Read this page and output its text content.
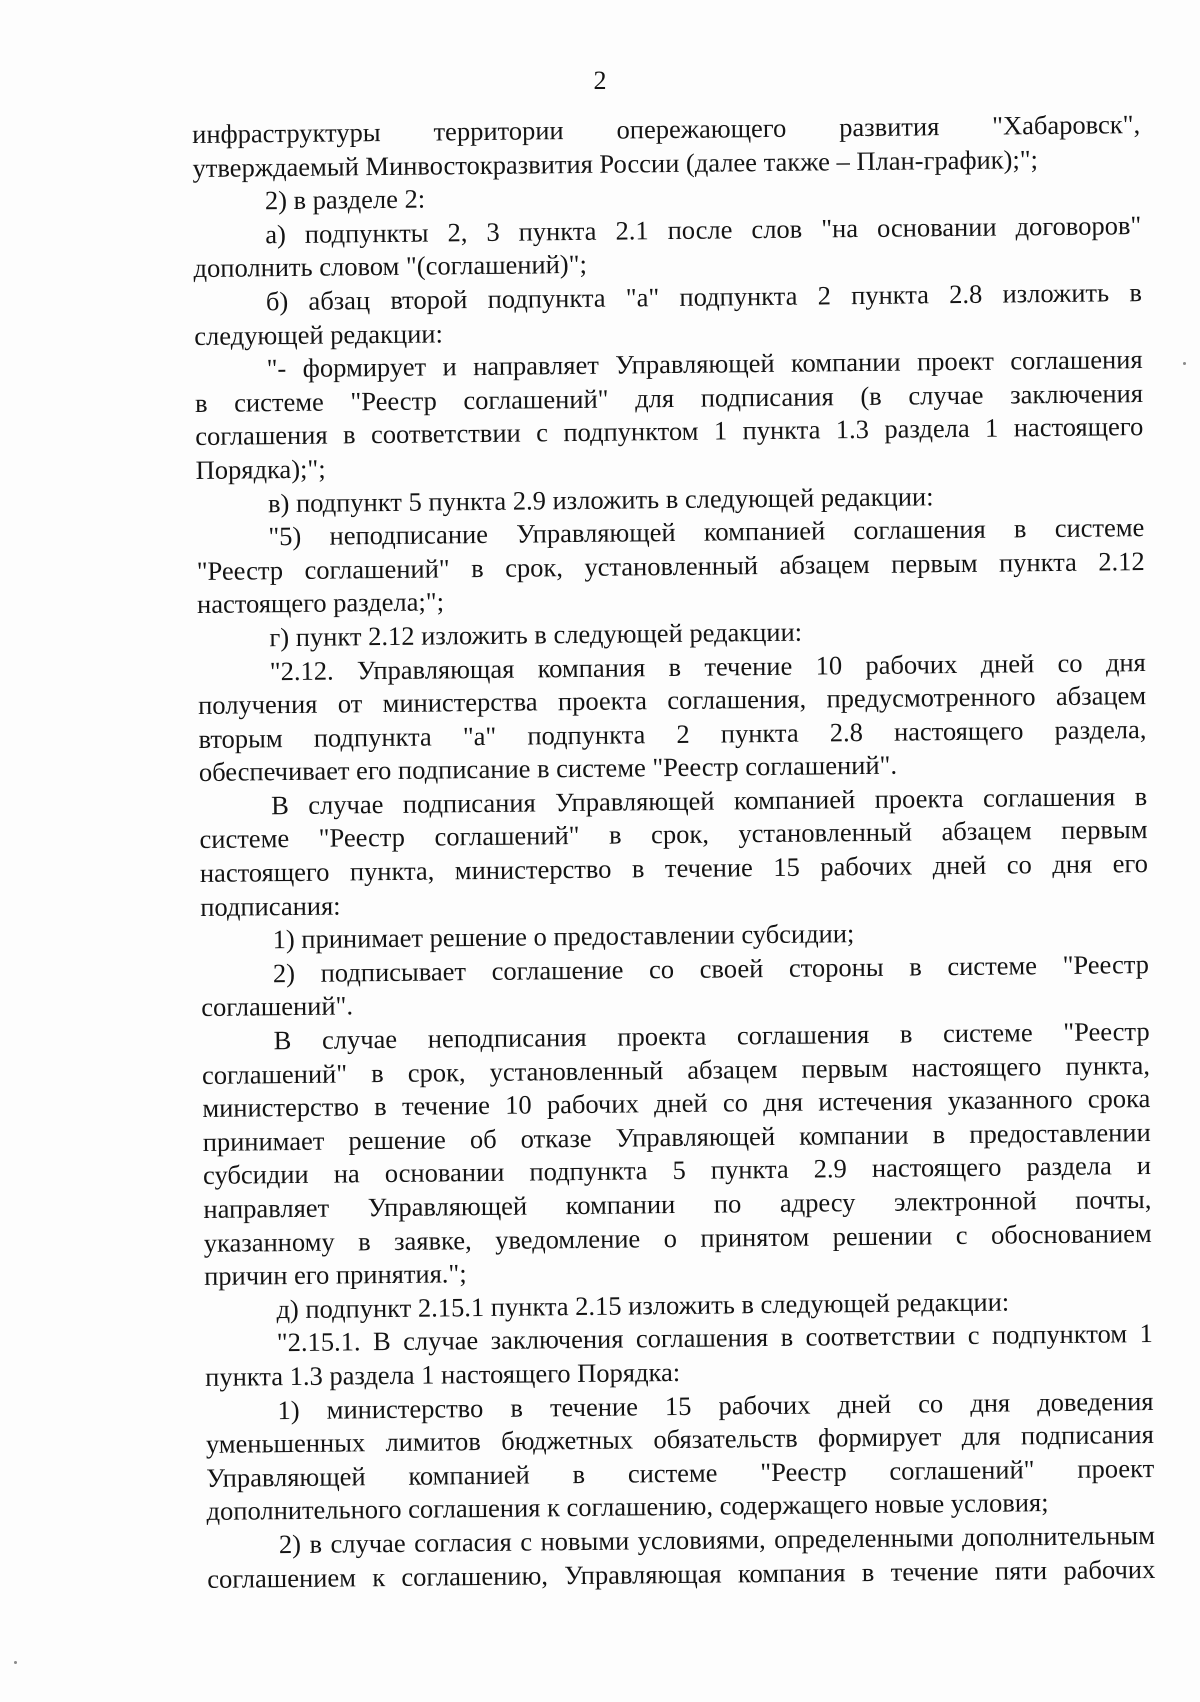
2
инфраструктуры территории опережающего развития "Хабаровск",
утверждаемый Минвостокразвития России (далее также – План-график);";
2) в разделе 2:
а) подпункты 2, 3 пункта 2.1 после слов "на основании договоров"
дополнить словом "(соглашений)";
б) абзац второй подпункта "а" подпункта 2 пункта 2.8 изложить в
следующей редакции:
"- формирует и направляет Управляющей компании проект соглашения
в системе "Реестр соглашений" для подписания (в случае заключения
соглашения в соответствии с подпунктом 1 пункта 1.3 раздела 1 настоящего
Порядка);";
в) подпункт 5 пункта 2.9 изложить в следующей редакции:
"5) неподписание Управляющей компанией соглашения в системе
"Реестр соглашений" в срок, установленный абзацем первым пункта 2.12
настоящего раздела;";
г) пункт 2.12 изложить в следующей редакции:
"2.12. Управляющая компания в течение 10 рабочих дней со дня
получения от министерства проекта соглашения, предусмотренного абзацем
вторым подпункта "а" подпункта 2 пункта 2.8 настоящего раздела,
обеспечивает его подписание в системе "Реестр соглашений".
В случае подписания Управляющей компанией проекта соглашения в
системе "Реестр соглашений" в срок, установленный абзацем первым
настоящего пункта, министерство в течение 15 рабочих дней со дня его
подписания:
1) принимает решение о предоставлении субсидии;
2) подписывает соглашение со своей стороны в системе "Реестр
соглашений".
В случае неподписания проекта соглашения в системе "Реестр
соглашений" в срок, установленный абзацем первым настоящего пункта,
министерство в течение 10 рабочих дней со дня истечения указанного срока
принимает решение об отказе Управляющей компании в предоставлении
субсидии на основании подпункта 5 пункта 2.9 настоящего раздела и
направляет Управляющей компании по адресу электронной почты,
указанному в заявке, уведомление о принятом решении с обоснованием
причин его принятия.";
д) подпункт 2.15.1 пункта 2.15 изложить в следующей редакции:
"2.15.1. В случае заключения соглашения в соответствии с подпунктом 1
пункта 1.3 раздела 1 настоящего Порядка:
1) министерство в течение 15 рабочих дней со дня доведения
уменьшенных лимитов бюджетных обязательств формирует для подписания
Управляющей компанией в системе "Реестр соглашений" проект
дополнительного соглашения к соглашению, содержащего новые условия;
2) в случае согласия с новыми условиями, определенными дополнительным
соглашением к соглашению, Управляющая компания в течение пяти рабочих
